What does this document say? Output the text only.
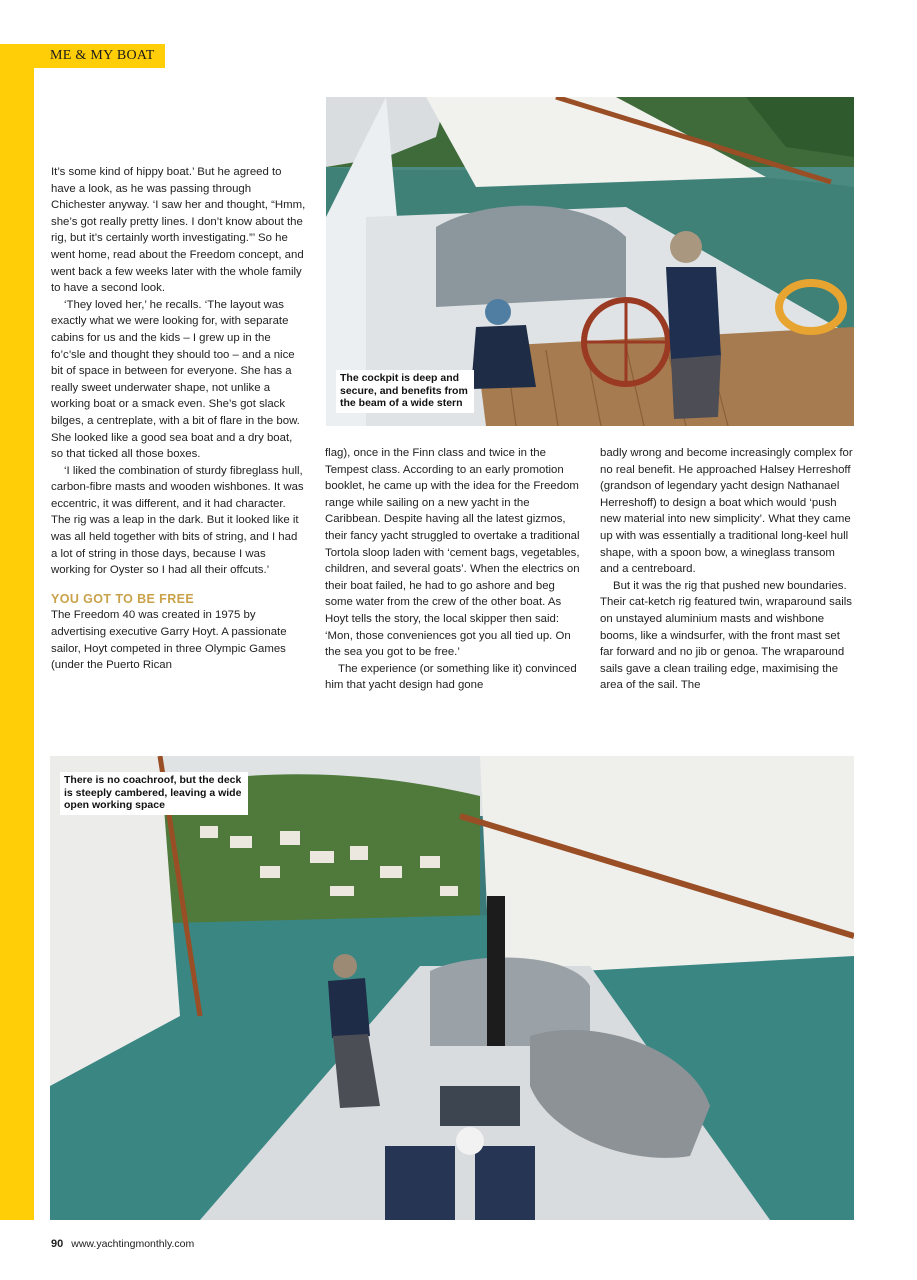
ME & MY BOAT

It’s some kind of hippy boat.’ But he agreed to have a look, as he was passing through Chichester anyway. ‘I saw her and thought, “Hmm, she’s got really pretty lines. I don’t know about the rig, but it’s certainly worth investigating.”’ So he went home, read about the Freedom concept, and went back a few weeks later with the whole family to have a second look.

‘They loved her,’ he recalls. ‘The layout was exactly what we were looking for, with separate cabins for us and the kids – I grew up in the fo’c’sle and thought they should too – and a nice bit of space in between for everyone. She has a really sweet underwater shape, not unlike a working boat or a smack even. She’s got slack bilges, a centreplate, with a bit of flare in the bow. She looked like a good sea boat and a dry boat, so that ticked all those boxes.

‘I liked the combination of sturdy fibreglass hull, carbon-fibre masts and wooden wishbones. It was eccentric, it was different, and it had character. The rig was a leap in the dark. But it looked like it was all held together with bits of string, and I had a lot of string in those days, because I was working for Oyster so I had all their offcuts.’

YOU GOT TO BE FREE

The Freedom 40 was created in 1975 by advertising executive Garry Hoyt. A passionate sailor, Hoyt competed in three Olympic Games (under the Puerto Rican

flag), once in the Finn class and twice in the Tempest class. According to an early promotion booklet, he came up with the idea for the Freedom range while sailing on a new yacht in the Caribbean. Despite having all the latest gizmos, their fancy yacht struggled to overtake a traditional Tortola sloop laden with ‘cement bags, vegetables, children, and several goats’. When the electrics on their boat failed, he had to go ashore and beg some water from the crew of the other boat. As Hoyt tells the story, the local skipper then said: ‘Mon, those conveniences got you all tied up. On the sea you got to be free.’

The experience (or something like it) convinced him that yacht design had gone

badly wrong and become increasingly complex for no real benefit. He approached Halsey Herreshoff (grandson of legendary yacht design Nathanael Herreshoff) to design a boat which would ‘push new material into new simplicity’. What they came up with was essentially a traditional long-keel hull shape, with a spoon bow, a wineglass transom and a centreboard.

But it was the rig that pushed new boundaries. Their cat-ketch rig featured twin, wraparound sails on unstayed aluminium masts and wishbone booms, like a windsurfer, with the front mast set far forward and no jib or genoa. The wraparound sails gave a clean trailing edge, maximising the area of the sail. The

The cockpit is deep and secure, and benefits from the beam of a wide stern
There is no coachroof, but the deck is steeply cambered, leaving a wide open working space
90 www.yachtingmonthly.com
